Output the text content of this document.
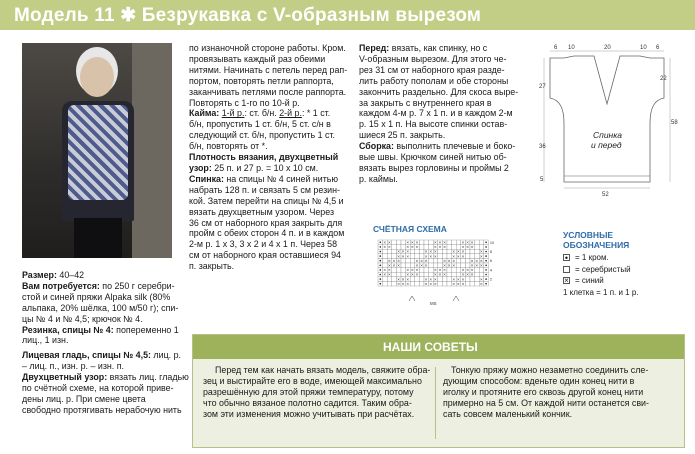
Модель 11 ✱ Безрукавка с V-образным вырезом

Размер: 40–42

Вам потребуется: по 250 г серебри-

стой и синей пряжи Alpaka silk (80%

альпака, 20% шёлка, 100 м/50 г); спи-

цы № 4 и № 4,5; крючок № 4.

Резинка, спицы № 4: попеременно 1

лиц., 1 изн.

Лицевая гладь, спицы № 4,5: лиц. р.

– лиц. п., изн. р. – изн. п.

Двухцветный узор: вязать лиц. гладью

по счётной схеме, на которой приве-

дены лиц. р. При смене цвета

свободно протягивать нерабочую нить

по изнаночной стороне работы. Кром.

провязывать каждый раз обеими

нитями. Начинать с петель перед рап-

портом, повторять петли раппорта,

заканчивать петлями после раппорта.

Повторять с 1-го по 10-й р.

Кайма: 1-й р.: ст. б/н. 2-й р.: * 1 ст.

б/н, пропустить 1 ст. б/н, 5 ст. с/н в

следующий ст. б/н, пропустить 1 ст.

б/н, повторять от *.

Плотность вязания, двухцветный

узор: 25 п. и 27 р. = 10 х 10 см.

Спинка: на спицы № 4 синей нитью

набрать 128 п. и связать 5 см резин-

кой. Затем перейти на спицы № 4,5 и

вязать двухцветным узором. Через

36 см от наборного края закрыть для

пройм с обеих сторон 4 п. и в каждом

2-м р. 1 х 3, 3 х 2 и 4 х 1 п. Через 58

см от наборного края оставшиеся 94

п. закрыть.

Перед: вязать, как спинку, но с

V-образным вырезом. Для этого че-

рез 31 см от наборного края разде-

лить работу пополам и обе стороны

закончить раздельно. Для скоса выре-

за закрыть с внутреннего края в

каждом 4-м р. 7 х 1 п. и в каждом 2-м

р. 15 х 1 п. На высоте спинки остав-

шиеся 25 п. закрыть.

Сборка: выполнить плечевые и боко-

вые швы. Крючком синей нитью об-

вязать вырез горловины и проймы 2

р. каймы.

6 10	20	10 6
27
36
5
22
58
52
Спинка
и перед
СЧЁТНАЯ СХЕМА
× ×	× × ×	× × ×	× × ×
× ×	× × ×	× × ×	× × ×
× × ×	× × ×	× × ×	×
× × ×	× × ×	× × ×	×
× × ×	× × ×	× × ×	× × ×
× × ×	× × ×	× × ×	× × ×
× ×	× × ×	× × ×	× × ×
× ×	× × ×	× × ×	× × ×
× × ×	× × ×	× × ×	×
× × ×	× × ×	× × ×	×
10
8
6
4
2
MS
УСЛОВНЫЕ
ОБОЗНАЧЕНИЯ
•
= 1 кром.
= серебристый
×
= синий
1 клетка = 1 п. и 1 р.
НАШИ СОВЕТЫ

Перед тем как начать вязать модель, свяжите обра-

зец и выстирайте его в воде, имеющей максимально

разрешённую для этой пряжи температуру, потому

что обычно вязаное полотно садится. Таким обра-

зом эти изменения можно учитывать при расчётах.

Тонкую пряжу можно незаметно соединить сле-

дующим способом: вденьте один конец нити в

иголку и протяните его сквозь другой конец нити

примерно на 5 см. От каждой нити останется сви-

сать совсем маленький кончик.
